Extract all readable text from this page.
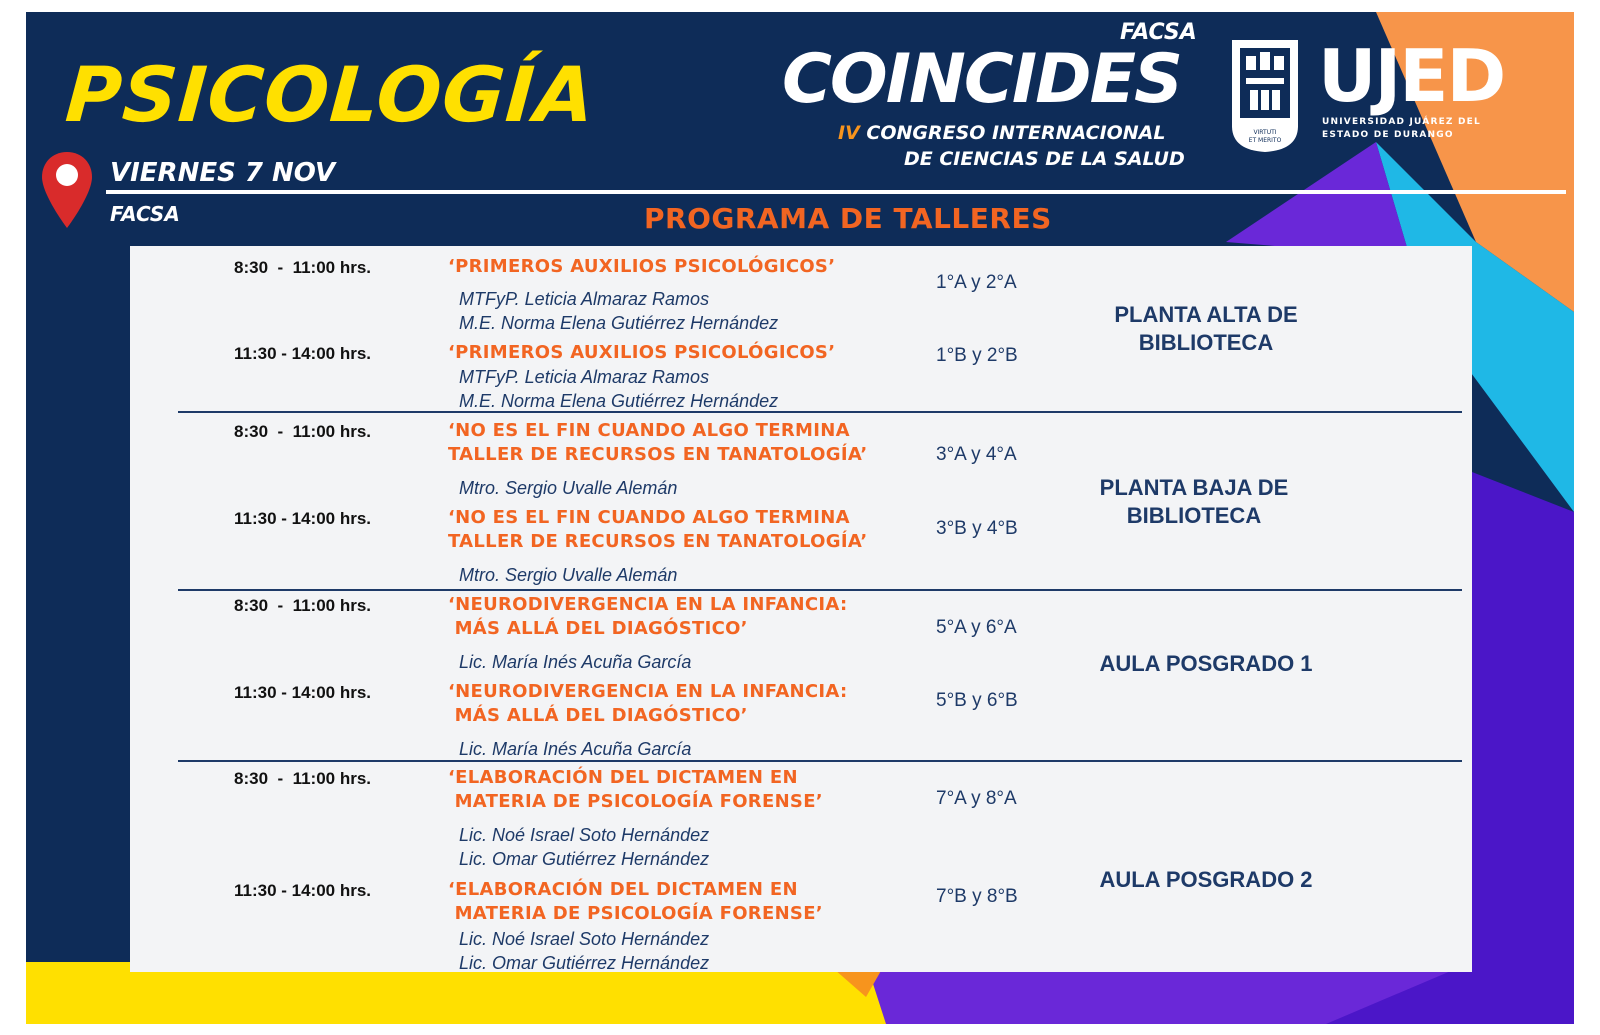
PSICOLOGÍA
VIERNES 7 NOV
FACSA
FACSA
COINCIDES
IV CONGRESO INTERNACIONAL
DE CIENCIAS DE LA SALUD
VIRTUTI
ET MERITO
UJED
UNIVERSIDAD JUÁREZ DEL
ESTADO DE DURANGO
PROGRAMA DE TALLERES
8:30  -  11:00 hrs.	‘PRIMEROS AUXILIOS PSICOLÓGICOS’
MTFyP. Leticia Almaraz Ramos
M.E. Norma Elena Gutiérrez Hernández
1°A y 2°A
11:30 - 14:00 hrs.	‘PRIMEROS AUXILIOS PSICOLÓGICOS’
MTFyP. Leticia Almaraz Ramos
M.E. Norma Elena Gutiérrez Hernández
1°B y 2°B
PLANTA ALTA DE
BIBLIOTECA
8:30  -  11:00 hrs.	‘NO ES EL FIN CUANDO ALGO TERMINA
TALLER DE RECURSOS EN TANATOLOGÍA’
Mtro. Sergio Uvalle Alemán
3°A y 4°A
11:30 - 14:00 hrs.	‘NO ES EL FIN CUANDO ALGO TERMINA
TALLER DE RECURSOS EN TANATOLOGÍA’
Mtro. Sergio Uvalle Alemán
3°B y 4°B
PLANTA BAJA DE
BIBLIOTECA
8:30  -  11:00 hrs.	‘NEURODIVERGENCIA EN LA INFANCIA:
MÁS ALLÁ DEL DIAGÓSTICO’
Lic. María Inés Acuña García
5°A y 6°A
11:30 - 14:00 hrs.	‘NEURODIVERGENCIA EN LA INFANCIA:
MÁS ALLÁ DEL DIAGÓSTICO’
Lic. María Inés Acuña García
5°B y 6°B
AULA POSGRADO 1
8:30  -  11:00 hrs.	‘ELABORACIÓN DEL DICTAMEN EN
MATERIA DE PSICOLOGÍA FORENSE’
Lic. Noé Israel Soto Hernández
Lic. Omar Gutiérrez Hernández
7°A y 8°A
11:30 - 14:00 hrs.	‘ELABORACIÓN DEL DICTAMEN EN
MATERIA DE PSICOLOGÍA FORENSE’
Lic. Noé Israel Soto Hernández
Lic. Omar Gutiérrez Hernández
7°B y 8°B
AULA POSGRADO 2
